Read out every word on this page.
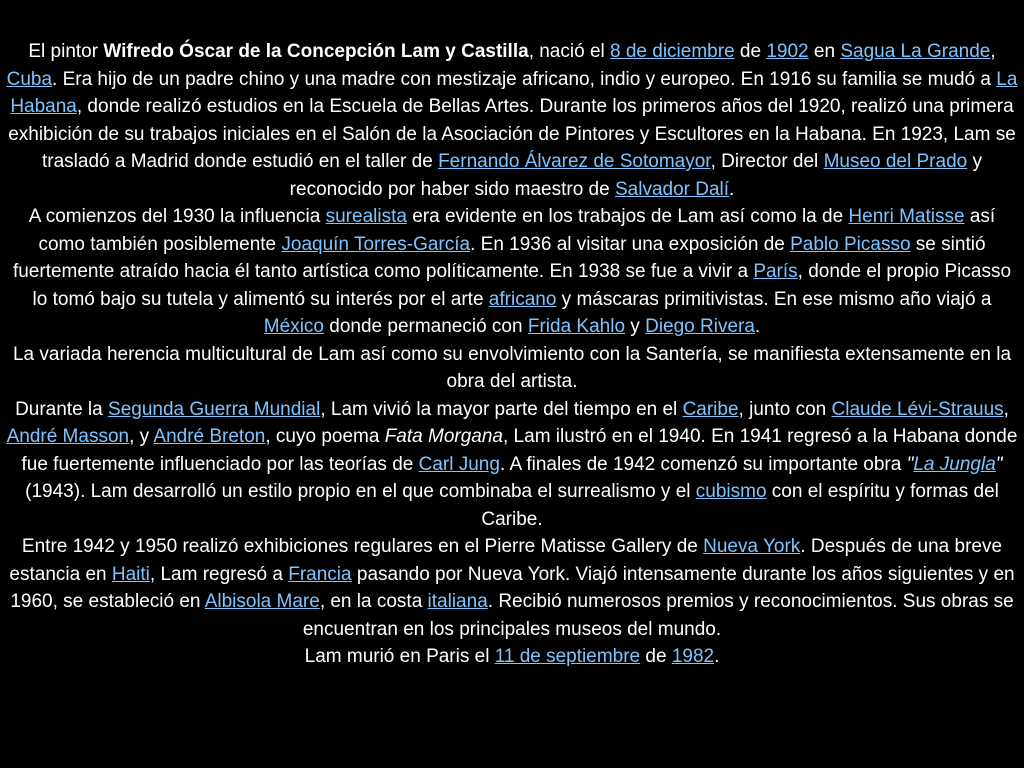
El pintor Wifredo Óscar de la Concepción Lam y Castilla, nació el 8 de diciembre de 1902 en Sagua La Grande, Cuba. Era hijo de un padre chino y una madre con mestizaje africano, indio y europeo. En 1916 su familia se mudó a La Habana, donde realizó estudios en la Escuela de Bellas Artes. Durante los primeros años del 1920, realizó una primera exhibición de su trabajos iniciales en el Salón de la Asociación de Pintores y Escultores en la Habana. En 1923, Lam se trasladó a Madrid donde estudió en el taller de Fernando Álvarez de Sotomayor, Director del Museo del Prado y reconocido por haber sido maestro de Salvador Dalí.

A comienzos del 1930 la influencia surealista era evidente en los trabajos de Lam así como la de Henri Matisse así como también posiblemente Joaquín Torres-García. En 1936 al visitar una exposición de Pablo Picasso se sintió fuertemente atraído hacia él tanto artística como políticamente. En 1938 se fue a vivir a París, donde el propio Picasso lo tomó bajo su tutela y alimentó su interés por el arte africano y máscaras primitivistas. En ese mismo año viajó a México donde permaneció con Frida Kahlo y Diego Rivera.

La variada herencia multicultural de Lam así como su envolvimiento con la Santería, se manifiesta extensamente en la obra del artista.

Durante la Segunda Guerra Mundial, Lam vivió la mayor parte del tiempo en el Caribe, junto con Claude Lévi-Strauus, André Masson, y André Breton, cuyo poema Fata Morgana, Lam ilustró en el 1940. En 1941 regresó a la Habana donde fue fuertemente influenciado por las teorías de Carl Jung. A finales de 1942 comenzó su importante obra "La Jungla" (1943). Lam desarrolló un estilo propio en el que combinaba el surrealismo y el cubismo con el espíritu y formas del Caribe.

Entre 1942 y 1950 realizó exhibiciones regulares en el Pierre Matisse Gallery de Nueva York. Después de una breve estancia en Haiti, Lam regresó a Francia pasando por Nueva York. Viajó intensamente durante los años siguientes y en 1960, se estableció en Albisola Mare, en la costa italiana. Recibió numerosos premios y reconocimientos. Sus obras se encuentran en los principales museos del mundo.

Lam murió en Paris el 11 de septiembre de 1982.
